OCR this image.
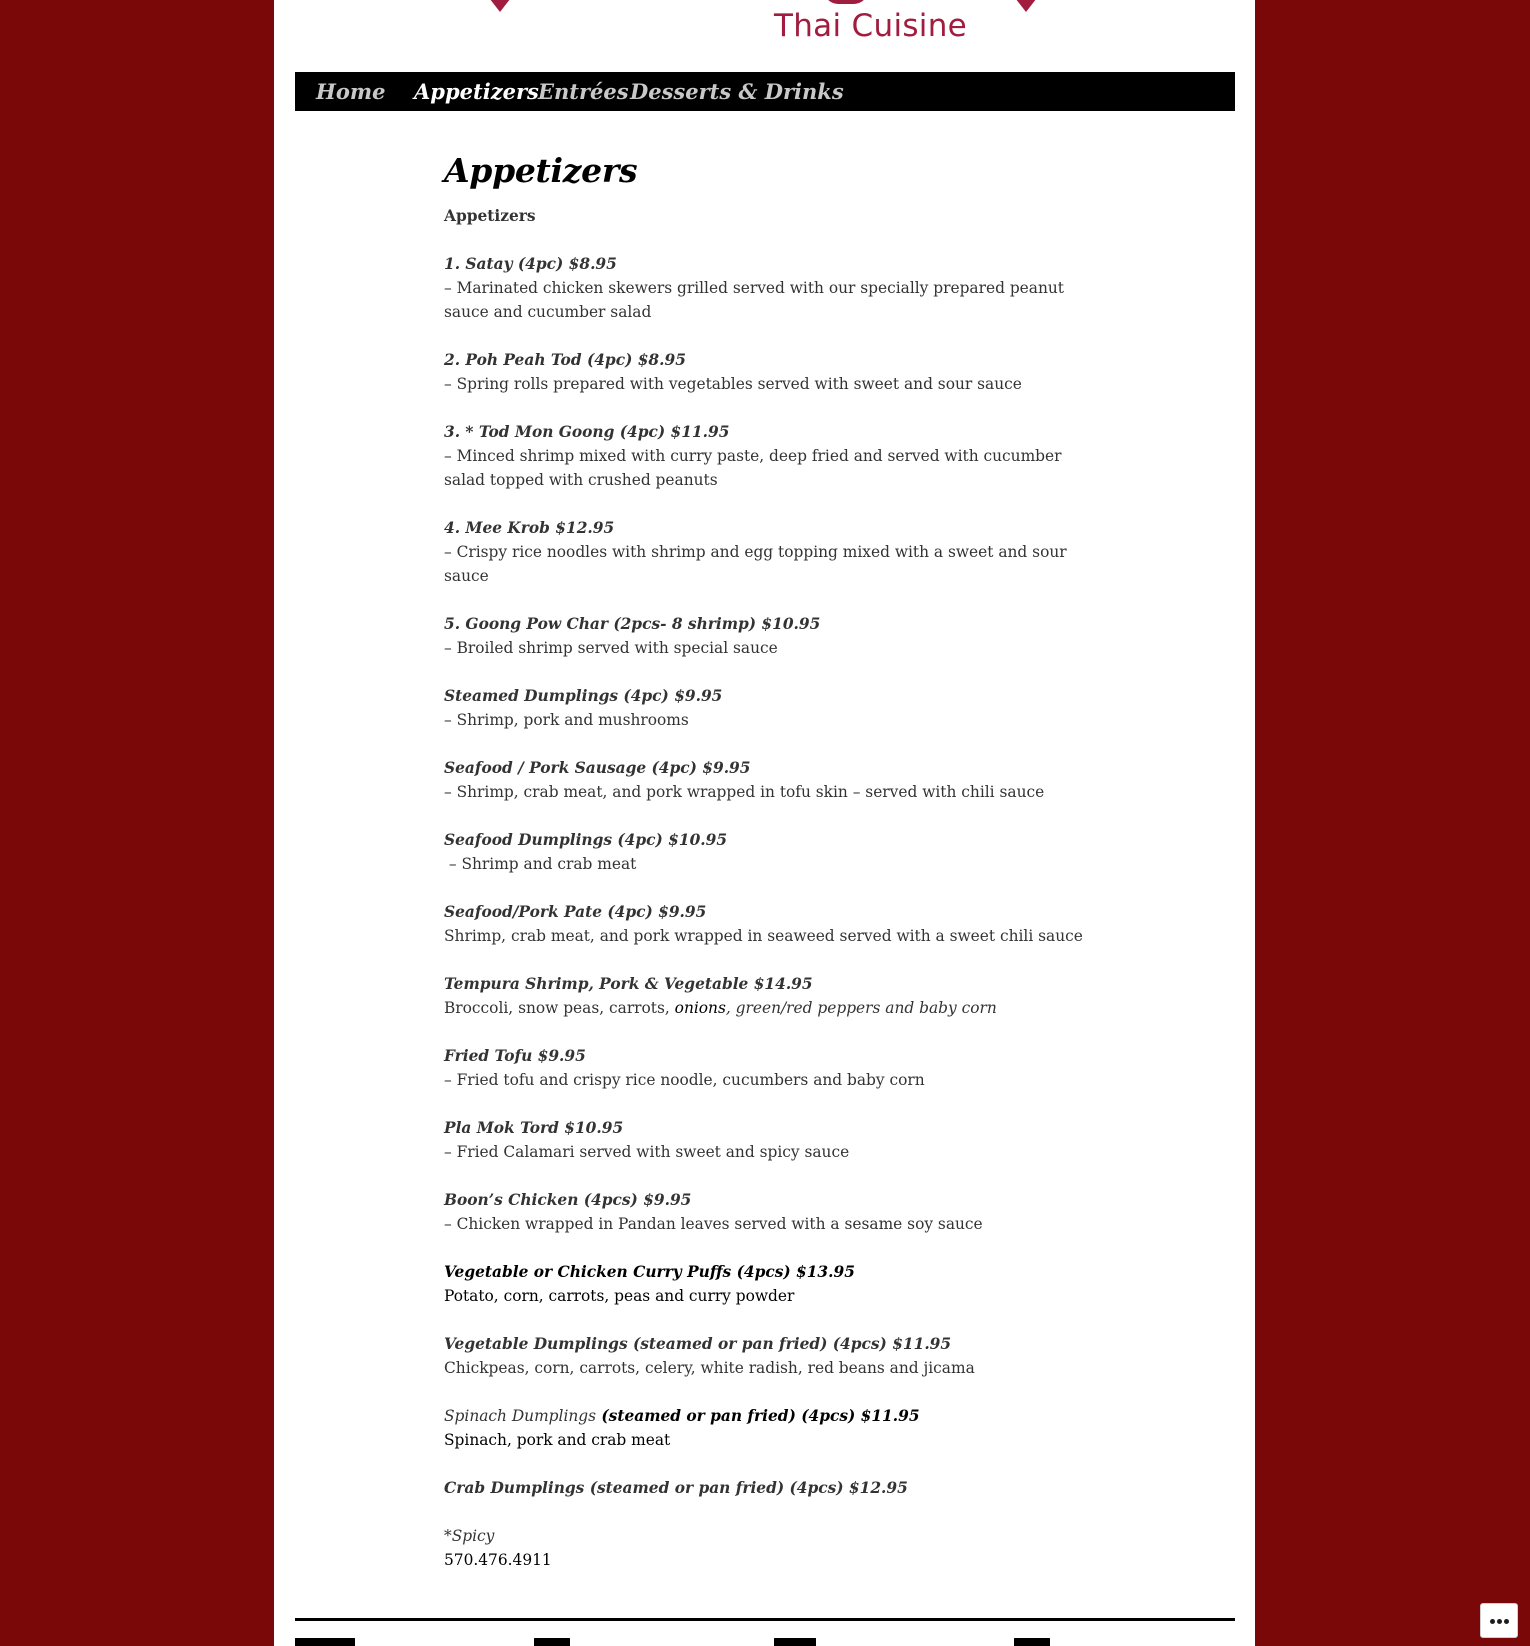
Thai Cuisine
Home Appetizers Entrées Desserts & Drinks
Appetizers

Appetizers

1. Satay (4pc) $8.95
– Marinated chicken skewers grilled served with our specially prepared peanut sauce and cucumber salad

2. Poh Peah Tod (4pc) $8.95
– Spring rolls prepared with vegetables served with sweet and sour sauce

3. * Tod Mon Goong (4pc) $11.95
– Minced shrimp mixed with curry paste, deep fried and served with cucumber salad topped with crushed peanuts

4. Mee Krob $12.95
– Crispy rice noodles with shrimp and egg topping mixed with a sweet and sour sauce

5. Goong Pow Char (2pcs- 8 shrimp) $10.95
– Broiled shrimp served with special sauce

Steamed Dumplings (4pc) $9.95
– Shrimp, pork and mushrooms

Seafood / Pork Sausage (4pc) $9.95
– Shrimp, crab meat, and pork wrapped in tofu skin – served with chili sauce

Seafood Dumplings (4pc) $10.95
– Shrimp and crab meat

Seafood/Pork Pate (4pc) $9.95
Shrimp, crab meat, and pork wrapped in seaweed served with a sweet chili sauce

Tempura Shrimp, Pork & Vegetable $14.95
Broccoli, snow peas, carrots, onions, green/red peppers and baby corn

Fried Tofu $9.95
– Fried tofu and crispy rice noodle, cucumbers and baby corn

Pla Mok Tord $10.95
– Fried Calamari served with sweet and spicy sauce

Boon’s Chicken (4pcs) $9.95
– Chicken wrapped in Pandan leaves served with a sesame soy sauce

Vegetable or Chicken Curry Puffs (4pcs) $13.95
Potato, corn, carrots, peas and curry powder

Vegetable Dumplings (steamed or pan fried) (4pcs) $11.95
Chickpeas, corn, carrots, celery, white radish, red beans and jicama

Spinach Dumplings (steamed or pan fried) (4pcs) $11.95
Spinach, pork and crab meat

Crab Dumplings (steamed or pan fried) (4pcs) $12.95

*Spicy
570.476.4911
